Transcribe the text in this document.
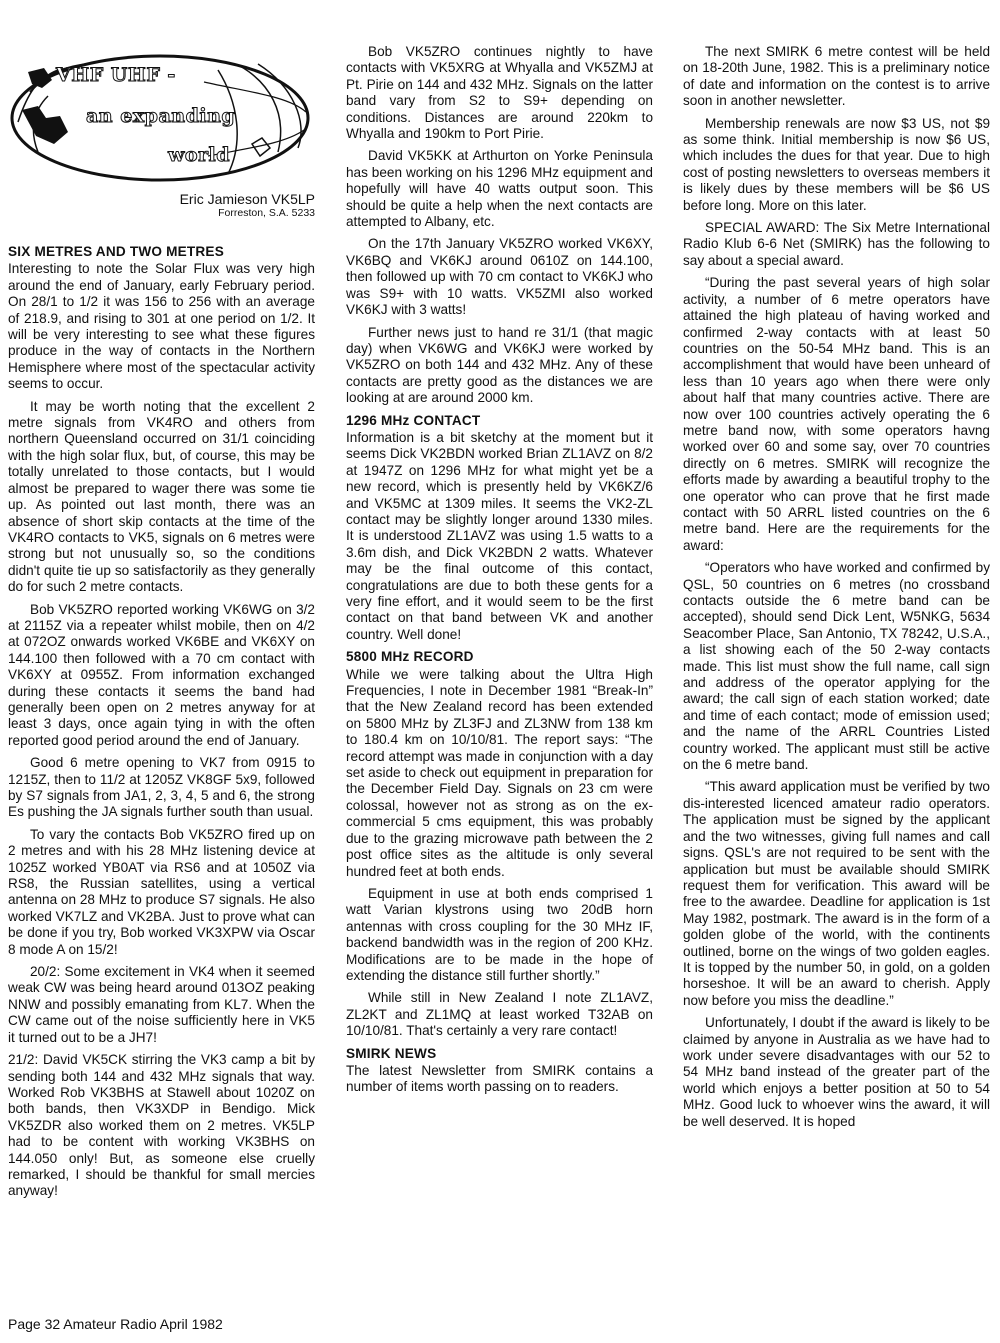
VHF UHF -
an expanding
world
Eric Jamieson VK5LP
Forreston, S.A. 5233
SIX METRES AND TWO METRES

Interesting to note the Solar Flux was very high around the end of January, early February period. On 28/1 to 1/2 it was 156 to 256 with an average of 218.9, and rising to 301 at one period on 1/2. It will be very interesting to see what these figures produce in the way of contacts in the Northern Hemisphere where most of the spectacular activity seems to occur.

It may be worth noting that the excellent 2 metre signals from VK4RO and others from northern Queensland occurred on 31/1 coinciding with the high solar flux, but, of course, this may be totally unrelated to those contacts, but I would almost be prepared to wager there was some tie up. As pointed out last month, there was an absence of short skip contacts at the time of the VK4RO contacts to VK5, signals on 6 metres were strong but not unusually so, so the conditions didn't quite tie up so satisfactorily as they generally do for such 2 metre contacts.

Bob VK5ZRO reported working VK6WG on 3/2 at 2115Z via a repeater whilst mobile, then on 4/2 at 072OZ onwards worked VK6BE and VK6XY on 144.100 then followed with a 70 cm contact with VK6XY at 0955Z. From information exchanged during these contacts it seems the band had generally been open on 2 metres anyway for at least 3 days, once again tying in with the often reported good period around the end of January.

Good 6 metre opening to VK7 from 0915 to 1215Z, then to 11/2 at 1205Z VK8GF 5x9, followed by S7 signals from JA1, 2, 3, 4, 5 and 6, the strong Es pushing the JA signals further south than usual.

To vary the contacts Bob VK5ZRO fired up on 2 metres and with his 28 MHz listening device at 1025Z worked YB0AT via RS6 and at 1050Z via RS8, the Russian satellites, using a vertical antenna on 28 MHz to produce S7 signals. He also worked VK7LZ and VK2BA. Just to prove what can be done if you try, Bob worked VK3XPW via Oscar 8 mode A on 15/2!

20/2: Some excitement in VK4 when it seemed weak CW was being heard around 013OZ peaking NNW and possibly emanating from KL7. When the CW came out of the noise sufficiently here in VK5 it turned out to be a JH7!

21/2: David VK5CK stirring the VK3 camp a bit by sending both 144 and 432 MHz signals that way. Worked Rob VK3BHS at Stawell about 1020Z on both bands, then VK3XDP in Bendigo. Mick VK5ZDR also worked them on 2 metres. VK5LP had to be content with working VK3BHS on 144.050 only! But, as someone else cruelly remarked, I should be thankful for small mercies anyway!

Bob VK5ZRO continues nightly to have contacts with VK5XRG at Whyalla and VK5ZMJ at Pt. Pirie on 144 and 432 MHz. Signals on the latter band vary from S2 to S9+ depending on conditions. Distances are around 220km to Whyalla and 190km to Port Pirie.

David VK5KK at Arthurton on Yorke Peninsula has been working on his 1296 MHz equipment and hopefully will have 40 watts output soon. This should be quite a help when the next contacts are attempted to Albany, etc.

On the 17th January VK5ZRO worked VK6XY, VK6BQ and VK6KJ around 0610Z on 144.100, then followed up with 70 cm contact to VK6KJ who was S9+ with 10 watts. VK5ZMI also worked VK6KJ with 3 watts!

Further news just to hand re 31/1 (that magic day) when VK6WG and VK6KJ were worked by VK5ZRO on both 144 and 432 MHz. Any of these contacts are pretty good as the distances we are looking at are around 2000 km.

1296 MHz CONTACT

Information is a bit sketchy at the moment but it seems Dick VK2BDN worked Brian ZL1AVZ on 8/2 at 1947Z on 1296 MHz for what might yet be a new record, which is presently held by VK6KZ/6 and VK5MC at 1309 miles. It seems the VK2-ZL contact may be slightly longer around 1330 miles. It is understood ZL1AVZ was using 1.5 watts to a 3.6m dish, and Dick VK2BDN 2 watts. Whatever may be the final outcome of this contact, congratulations are due to both these gents for a very fine effort, and it would seem to be the first contact on that band between VK and another country. Well done!

5800 MHz RECORD

While we were talking about the Ultra High Frequencies, I note in December 1981 “Break-In” that the New Zealand record has been extended on 5800 MHz by ZL3FJ and ZL3NW from 138 km to 180.4 km on 10/10/81. The report says: “The record attempt was made in conjunction with a day set aside to check out equipment in preparation for the December Field Day. Signals on 23 cm were colossal, however not as strong as on the ex-commercial 5 cms equipment, this was probably due to the grazing microwave path between the 2 post office sites as the altitude is only several hundred feet at both ends.

Equipment in use at both ends comprised 1 watt Varian klystrons using two 20dB horn antennas with cross coupling for the 30 MHz IF, backend bandwidth was in the region of 200 KHz. Modifications are to be made in the hope of extending the distance still further shortly.”

While still in New Zealand I note ZL1AVZ, ZL2KT and ZL1MQ at least worked T32AB on 10/10/81. That's certainly a very rare contact!

SMIRK NEWS

The latest Newsletter from SMIRK contains a number of items worth passing on to readers.

The next SMIRK 6 metre contest will be held on 18-20th June, 1982. This is a preliminary notice of date and information on the contest is to arrive soon in another newsletter.

Membership renewals are now $3 US, not $9 as some think. Initial membership is now $6 US, which includes the dues for that year. Due to high cost of posting newsletters to overseas members it is likely dues by these members will be $6 US before long. More on this later.

SPECIAL AWARD: The Six Metre International Radio Klub 6-6 Net (SMIRK) has the following to say about a special award.

“During the past several years of high solar activity, a number of 6 metre operators have attained the high plateau of having worked and confirmed 2-way contacts with at least 50 countries on the 50-54 MHz band. This is an accomplishment that would have been unheard of less than 10 years ago when there were only about half that many countries active. There are now over 100 countries actively operating the 6 metre band now, with some operators havng worked over 60 and some say, over 70 countries directly on 6 metres. SMIRK will recognize the efforts made by awarding a beautiful trophy to the one operator who can prove that he first made contact with 50 ARRL listed countries on the 6 metre band. Here are the requirements for the award:

“Operators who have worked and confirmed by QSL, 50 countries on 6 metres (no crossband contacts outside the 6 metre band can be accepted), should send Dick Lent, W5NKG, 5634 Seacomber Place, San Antonio, TX 78242, U.S.A., a list showing each of the 50 2-way contacts made. This list must show the full name, call sign and address of the operator applying for the award; the call sign of each station worked; date and time of each contact; mode of emission used; and the name of the ARRL Countries Listed country worked. The applicant must still be active on the 6 metre band.

“This award application must be verified by two dis-interested licenced amateur radio operators. The application must be signed by the applicant and the two witnesses, giving full names and call signs. QSL's are not required to be sent with the application but must be available should SMIRK request them for verification. This award will be free to the awardee. Deadline for application is 1st May 1982, postmark. The award is in the form of a golden globe of the world, with the continents outlined, borne on the wings of two golden eagles. It is topped by the number 50, in gold, on a golden horseshoe. It will be an award to cherish. Apply now before you miss the deadline.”

Unfortunately, I doubt if the award is likely to be claimed by anyone in Australia as we have had to work under severe disadvantages with our 52 to 54 MHz band instead of the greater part of the world which enjoys a better position at 50 to 54 MHz. Good luck to whoever wins the award, it will be well deserved. It is hoped

Page 32 Amateur Radio April 1982
